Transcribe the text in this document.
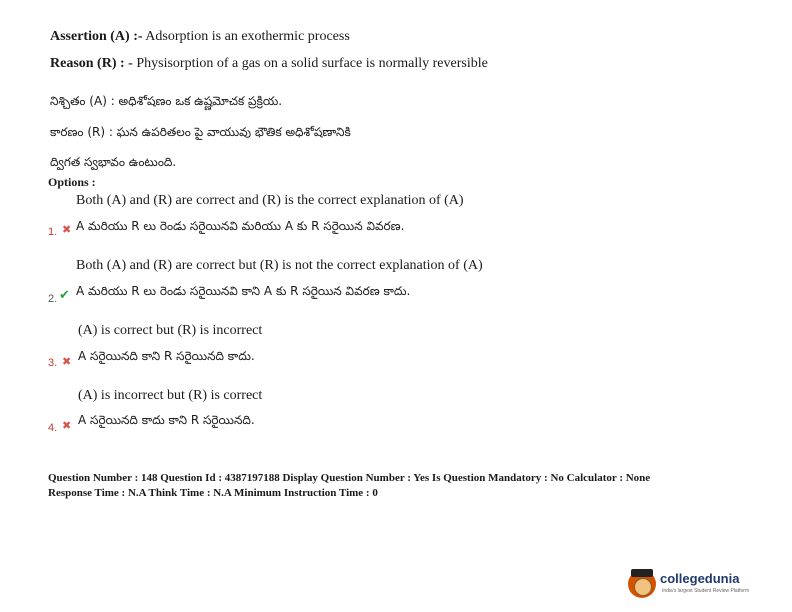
Assertion (A) :- Adsorption is an exothermic process
Reason (R) : - Physisorption of a gas on a solid surface is normally reversible
నిశ్చితం (A) : అధిశోషణం ఒక ఉష్ణమోచక ప్రక్రియ.
కారణం (R) : ఘన ఉపరితలం పై వాయువు భౌతిక అధిశోషణానికి
ద్విగత స్వభావం ఉంటుంది.
Options :
Both (A) and (R) are correct and (R) is the correct explanation of (A)
1. ✖ A మరియు R లు రెండు సరైయినవి మరియు A కు R సరైయిన వివరణ.
Both (A) and (R) are correct but (R) is not the correct explanation of (A)
2. ✔ A మరియు R లు రెండు సరైయినవి కాని A కు R సరైయిన వివరణ కాదు.
(A) is correct but (R) is incorrect
3. ✖ A సరైయినది కాని R సరైయినది కాదు.
(A) is incorrect but (R) is correct
4. ✖ A సరైయినది కాదు కాని R సరైయినది.
Question Number : 148 Question Id : 4387197188 Display Question Number : Yes Is Question Mandatory : No Calculator : None
Response Time : N.A Think Time : N.A Minimum Instruction Time : 0
collegedunia
India's largest Student Review Platform
